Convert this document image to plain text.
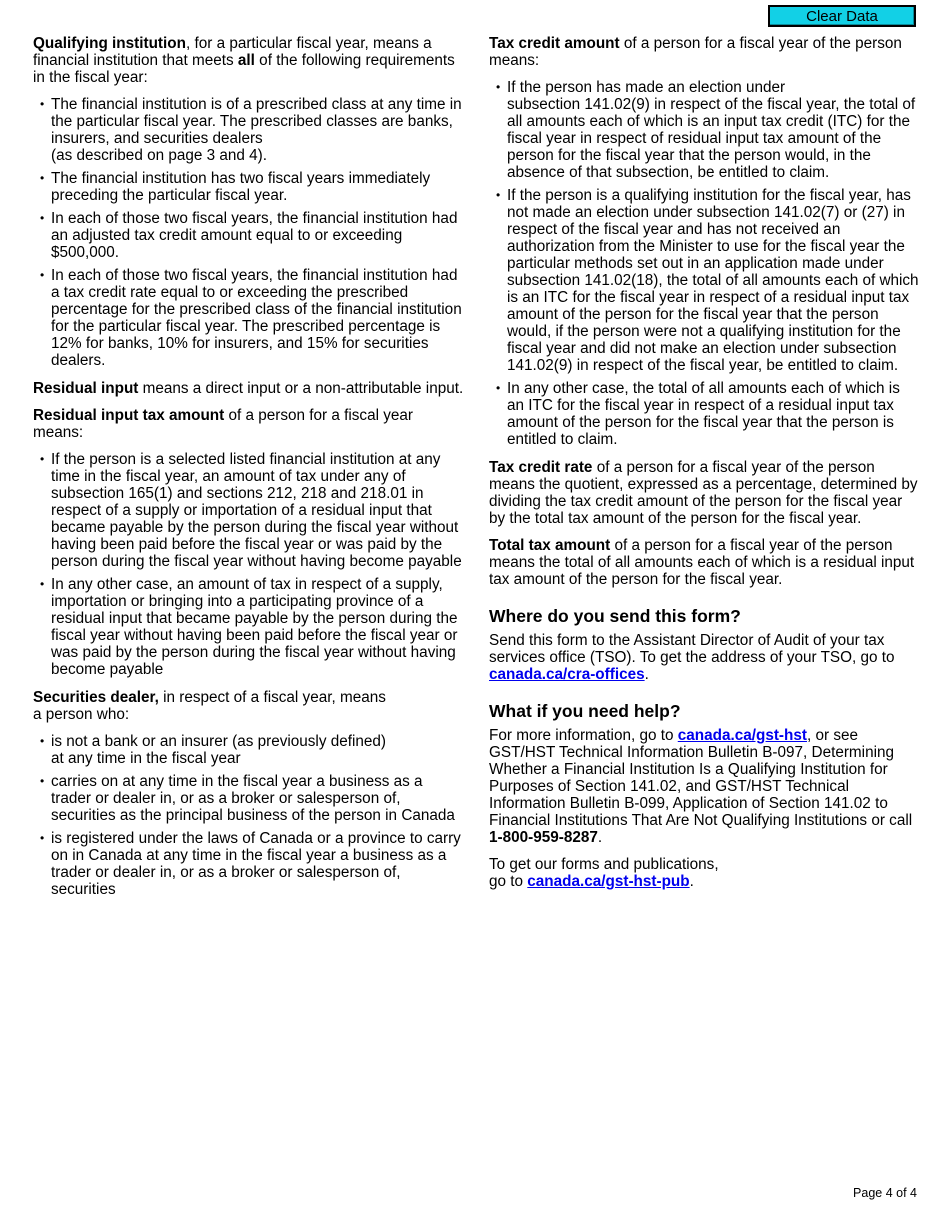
Clear Data

Qualifying institution, for a particular fiscal year, means a financial institution that meets all of the following requirements in the fiscal year:

• The financial institution is of a prescribed class at any time in the particular fiscal year. The prescribed classes are banks, insurers, and securities dealers
(as described on page 3 and 4).
• The financial institution has two fiscal years immediately preceding the particular fiscal year.
• In each of those two fiscal years, the financial institution had an adjusted tax credit amount equal to or exceeding $500,000.
• In each of those two fiscal years, the financial institution had a tax credit rate equal to or exceeding the prescribed percentage for the prescribed class of the financial institution for the particular fiscal year. The prescribed percentage is 12% for banks, 10% for insurers, and 15% for securities dealers.

Residual input means a direct input or a non-attributable input.

Residual input tax amount of a person for a fiscal year means:

• If the person is a selected listed financial institution at any time in the fiscal year, an amount of tax under any of subsection 165(1) and sections 212, 218 and 218.01 in respect of a supply or importation of a residual input that became payable by the person during the fiscal year without having been paid before the fiscal year or was paid by the person during the fiscal year without having become payable
• In any other case, an amount of tax in respect of a supply, importation or bringing into a participating province of a residual input that became payable by the person during the fiscal year without having been paid before the fiscal year or was paid by the person during the fiscal year without having become payable

Securities dealer, in respect of a fiscal year, means
a person who:

• is not a bank or an insurer (as previously defined)
at any time in the fiscal year
• carries on at any time in the fiscal year a business as a trader or dealer in, or as a broker or salesperson of, securities as the principal business of the person in Canada
• is registered under the laws of Canada or a province to carry on in Canada at any time in the fiscal year a business as a trader or dealer in, or as a broker or salesperson of, securities

Tax credit amount of a person for a fiscal year of the person means:

• If the person has made an election under
subsection 141.02(9) in respect of the fiscal year, the total of all amounts each of which is an input tax credit (ITC) for the fiscal year in respect of residual input tax amount of the person for the fiscal year that the person would, in the absence of that subsection, be entitled to claim.
• If the person is a qualifying institution for the fiscal year, has not made an election under subsection 141.02(7) or (27) in respect of the fiscal year and has not received an authorization from the Minister to use for the fiscal year the particular methods set out in an application made under subsection 141.02(18), the total of all amounts each of which is an ITC for the fiscal year in respect of a residual input tax amount of the person for the fiscal year that the person would, if the person were not a qualifying institution for the fiscal year and did not make an election under subsection 141.02(9) in respect of the fiscal year, be entitled to claim.
• In any other case, the total of all amounts each of which is an ITC for the fiscal year in respect of a residual input tax amount of the person for the fiscal year that the person is entitled to claim.

Tax credit rate of a person for a fiscal year of the person means the quotient, expressed as a percentage, determined by dividing the tax credit amount of the person for the fiscal year by the total tax amount of the person for the fiscal year.

Total tax amount of a person for a fiscal year of the person means the total of all amounts each of which is a residual input tax amount of the person for the fiscal year.

Where do you send this form?

Send this form to the Assistant Director of Audit of your tax services office (TSO). To get the address of your TSO, go to canada.ca/cra-offices.

What if you need help?

For more information, go to canada.ca/gst-hst, or see GST/HST Technical Information Bulletin B-097, Determining Whether a Financial Institution Is a Qualifying Institution for Purposes of Section 141.02, and GST/HST Technical Information Bulletin B-099, Application of Section 141.02 to Financial Institutions That Are Not Qualifying Institutions or call 1-800-959-8287.

To get our forms and publications,
go to canada.ca/gst-hst-pub.

Page 4 of 4
